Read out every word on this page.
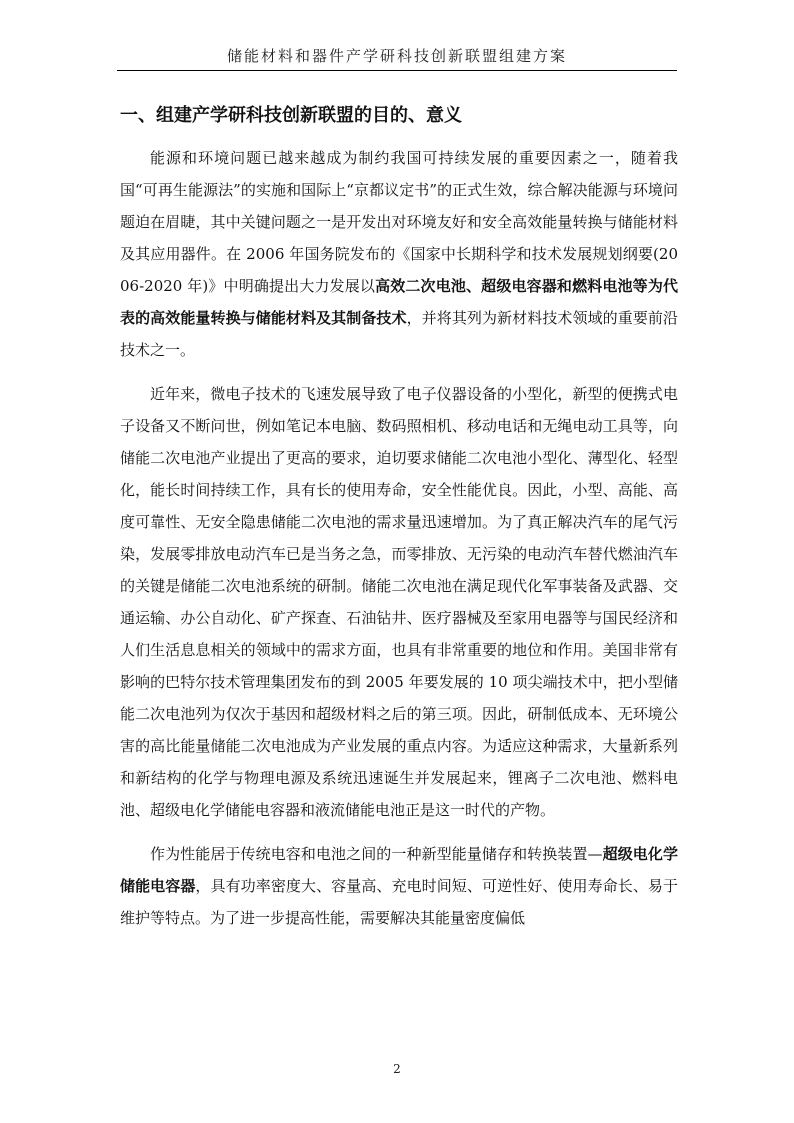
储能材料和器件产学研科技创新联盟组建方案
一、组建产学研科技创新联盟的目的、意义

能源和环境问题已越来越成为制约我国可持续发展的重要因素之一，随着我国“可再生能源法”的实施和国际上“京都议定书”的正式生效，综合解决能源与环境问题迫在眉睫，其中关键问题之一是开发出对环境友好和安全高效能量转换与储能材料及其应用器件。在 2006 年国务院发布的《国家中长期科学和技术发展规划纲要(2006-2020 年)》中明确提出大力发展以高效二次电池、超级电容器和燃料电池等为代表的高效能量转换与储能材料及其制备技术，并将其列为新材料技术领域的重要前沿技术之一。

近年来，微电子技术的飞速发展导致了电子仪器设备的小型化，新型的便携式电子设备又不断问世，例如笔记本电脑、数码照相机、移动电话和无绳电动工具等，向储能二次电池产业提出了更高的要求，迫切要求储能二次电池小型化、薄型化、轻型化，能长时间持续工作，具有长的使用寿命，安全性能优良。因此，小型、高能、高度可靠性、无安全隐患储能二次电池的需求量迅速增加。为了真正解决汽车的尾气污染，发展零排放电动汽车已是当务之急，而零排放、无污染的电动汽车替代燃油汽车的关键是储能二次电池系统的研制。储能二次电池在满足现代化军事装备及武器、交通运输、办公自动化、矿产探查、石油钻井、医疗器械及至家用电器等与国民经济和人们生活息息相关的领域中的需求方面，也具有非常重要的地位和作用。美国非常有影响的巴特尔技术管理集团发布的到 2005 年要发展的 10 项尖端技术中，把小型储能二次电池列为仅次于基因和超级材料之后的第三项。因此，研制低成本、无环境公害的高比能量储能二次电池成为产业发展的重点内容。为适应这种需求，大量新系列和新结构的化学与物理电源及系统迅速诞生并发展起来，锂离子二次电池、燃料电池、超级电化学储能电容器和液流储能电池正是这一时代的产物。

作为性能居于传统电容和电池之间的一种新型能量储存和转换装置—超级电化学储能电容器，具有功率密度大、容量高、充电时间短、可逆性好、使用寿命长、易于维护等特点。为了进一步提高性能，需要解决其能量密度偏低

2
